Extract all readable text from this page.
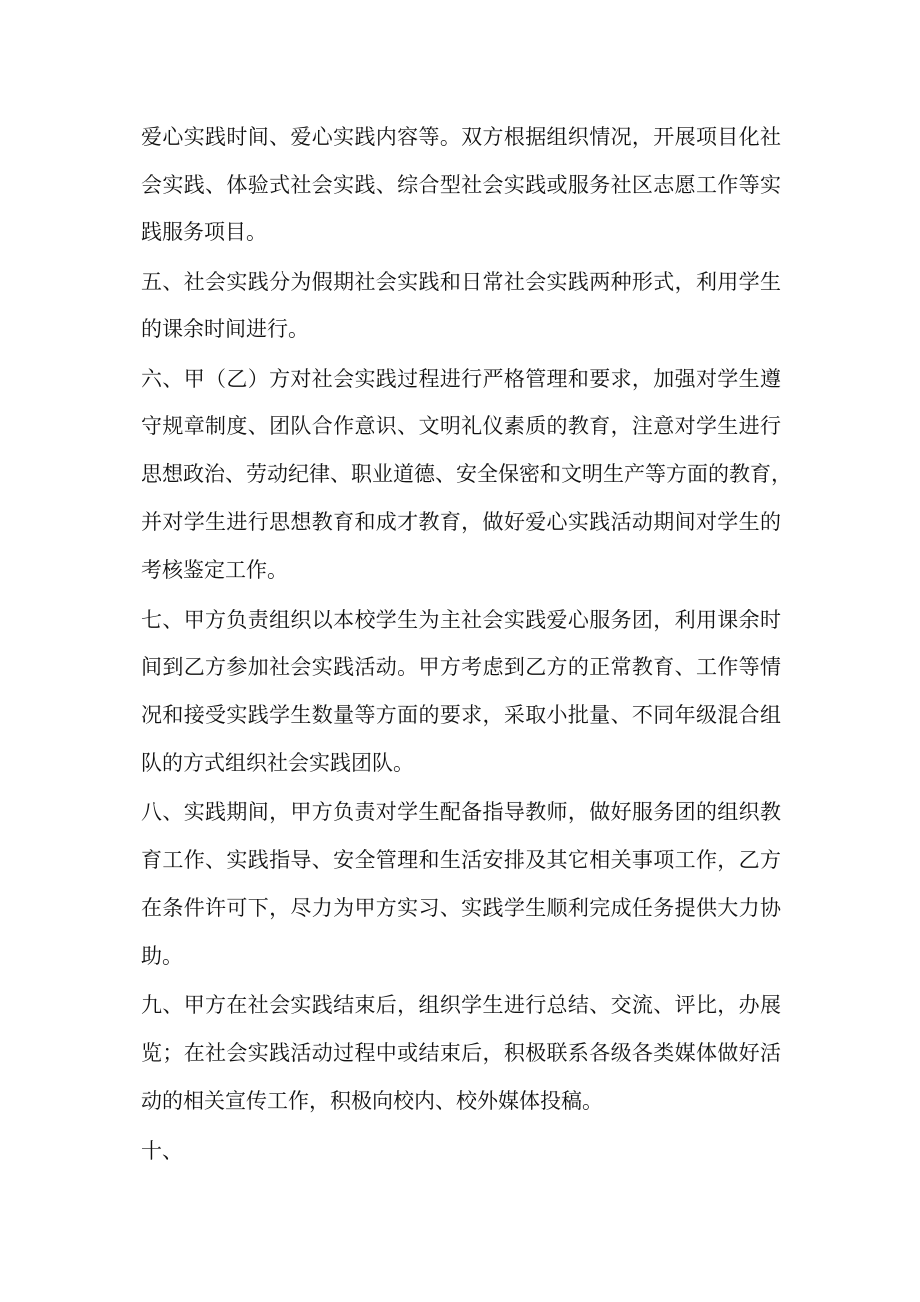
爱心实践时间、爱心实践内容等。双方根据组织情况，开展项目化社
会实践、体验式社会实践、综合型社会实践或服务社区志愿工作等实
践服务项目。
五、社会实践分为假期社会实践和日常社会实践两种形式，利用学生
的课余时间进行。
六、甲（乙）方对社会实践过程进行严格管理和要求，加强对学生遵
守规章制度、团队合作意识、文明礼仪素质的教育，注意对学生进行
思想政治、劳动纪律、职业道德、安全保密和文明生产等方面的教育，
并对学生进行思想教育和成才教育，做好爱心实践活动期间对学生的
考核鉴定工作。
七、甲方负责组织以本校学生为主社会实践爱心服务团，利用课余时
间到乙方参加社会实践活动。甲方考虑到乙方的正常教育、工作等情
况和接受实践学生数量等方面的要求，采取小批量、不同年级混合组
队的方式组织社会实践团队。
八、实践期间，甲方负责对学生配备指导教师，做好服务团的组织教
育工作、实践指导、安全管理和生活安排及其它相关事项工作，乙方
在条件许可下，尽力为甲方实习、实践学生顺利完成任务提供大力协
助。
九、甲方在社会实践结束后，组织学生进行总结、交流、评比，办展
览；在社会实践活动过程中或结束后，积极联系各级各类媒体做好活
动的相关宣传工作，积极向校内、校外媒体投稿。
十、
